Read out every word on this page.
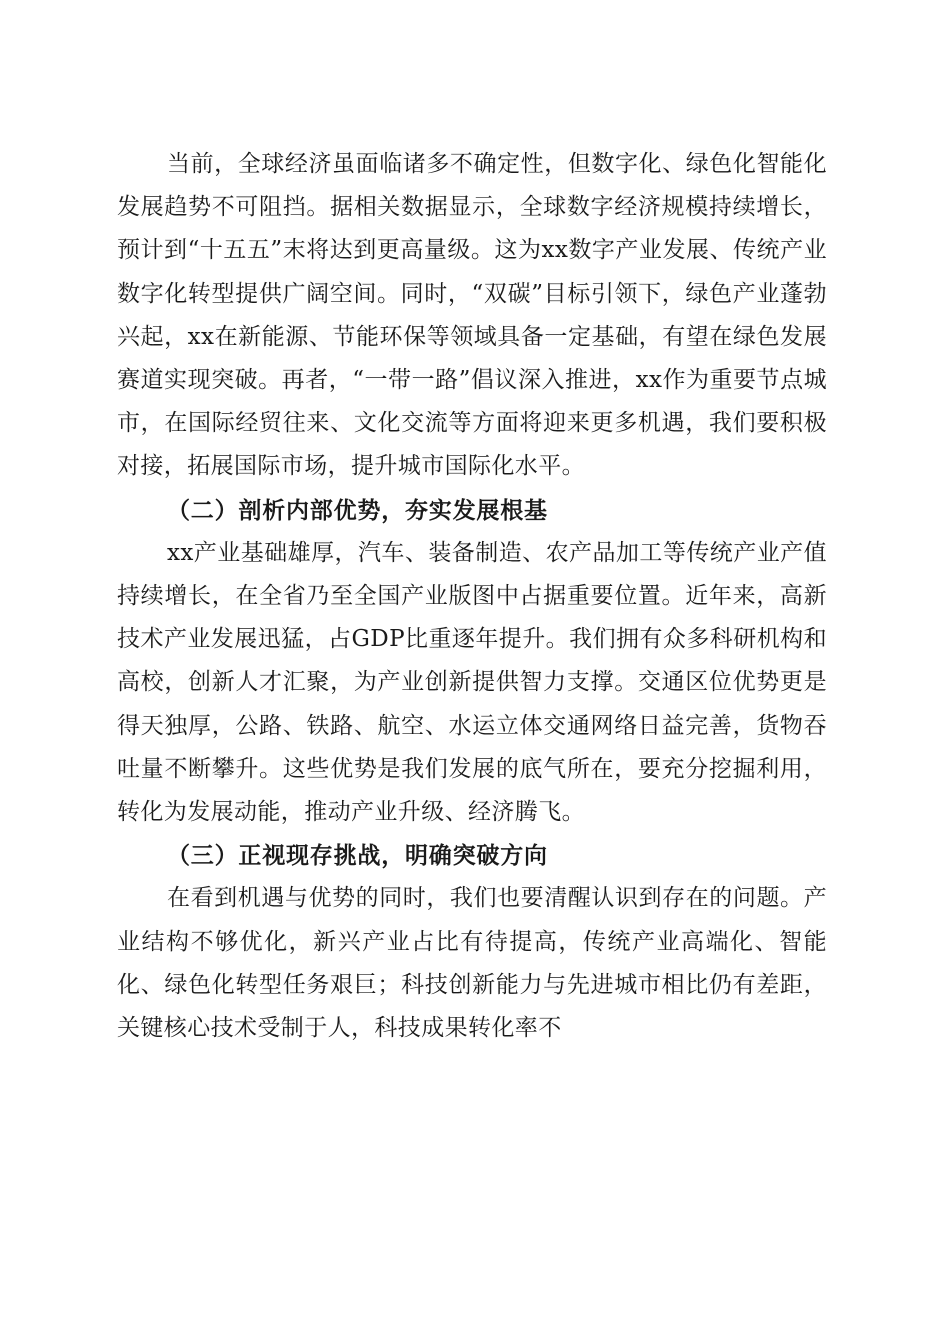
当前，全球经济虽面临诸多不确定性，但数字化、绿色化智能化发展趋势不可阻挡。据相关数据显示，全球数字经济规模持续增长，预计到“十五五”末将达到更高量级。这为xx数字产业发展、传统产业数字化转型提供广阔空间。同时，“双碳”目标引领下，绿色产业蓬勃兴起，xx在新能源、节能环保等领域具备一定基础，有望在绿色发展赛道实现突破。再者，“一带一路”倡议深入推进，xx作为重要节点城市，在国际经贸往来、文化交流等方面将迎来更多机遇，我们要积极对接，拓展国际市场，提升城市国际化水平。

（二）剖析内部优势，夯实发展根基

xx产业基础雄厚，汽车、装备制造、农产品加工等传统产业产值持续增长，在全省乃至全国产业版图中占据重要位置。近年来，高新技术产业发展迅猛，占GDP比重逐年提升。我们拥有众多科研机构和高校，创新人才汇聚，为产业创新提供智力支撑。交通区位优势更是得天独厚，公路、铁路、航空、水运立体交通网络日益完善，货物吞吐量不断攀升。这些优势是我们发展的底气所在，要充分挖掘利用，转化为发展动能，推动产业升级、经济腾飞。

（三）正视现存挑战，明确突破方向

在看到机遇与优势的同时，我们也要清醒认识到存在的问题。产业结构不够优化，新兴产业占比有待提高，传统产业高端化、智能化、绿色化转型任务艰巨；科技创新能力与先进城市相比仍有差距，关键核心技术受制于人，科技成果转化率不
